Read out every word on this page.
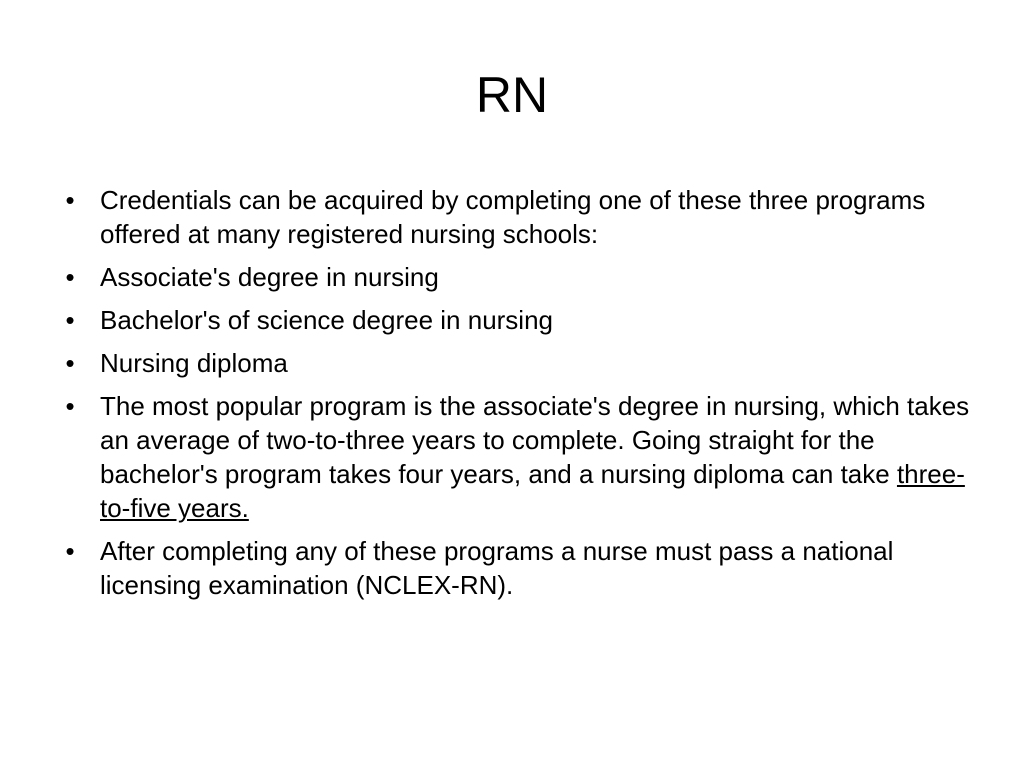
RN
• Credentials can be acquired by completing one of these three programs offered at many registered nursing schools:
• Associate's degree in nursing
• Bachelor's of science degree in nursing
• Nursing diploma
• The most popular program is the associate's degree in nursing, which takes an average of two-to-three years to complete. Going straight for the bachelor's program takes four years, and a nursing diploma can take three-to-five years.
• After completing any of these programs a nurse must pass a national licensing examination (NCLEX-RN).
